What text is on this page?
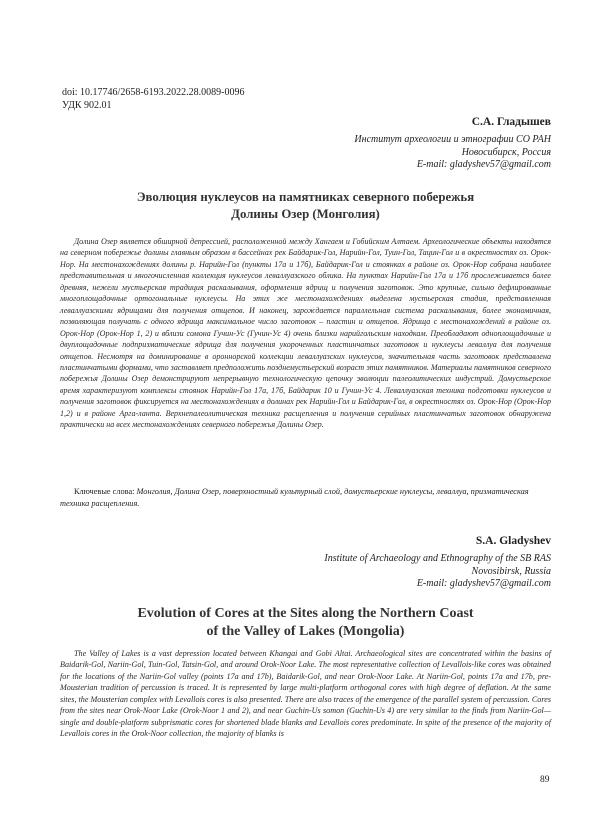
doi: 10.17746/2658-6193.2022.28.0089-0096
УДК 902.01
С.А. Гладышев
Институт археологии и этнографии СО РАН
Новосибирск, Россия
E-mail: gladyshev57@gmail.com
Эволюция нуклеусов на памятниках северного побережья
Долины Озер (Монголия)

Долина Озер является обширной депрессией, расположенной между Хангаем и Гобийским Алтаем. Археологические объекты находятся на северном побережье долины главным образом в бассейнах рек Байдарик-Гол, Нарийн-Гол, Туин-Гол, Тацин-Гол и в окрестностях оз. Орок-Нор. На местонахождениях долины р. Нарийн-Гол (пункты 17а и 17б), Байдарик-Гол и стоянках в районе оз. Орок-Нор собрана наиболее представительная и многочисленная коллекция нуклеусов леваллуазского облика. На пунктах Нарийн-Гол 17а и 17б прослеживается более древняя, нежели мустьерская традиция раскалывания, оформления ядрищ и получения заготовок. Это крупные, сильно дефлированные многоплощадочные ортогональные нуклеусы. На этих же местонахождениях выделена мустьерская стадия, представленная леваллуазскими ядрищами для получения отщепов. И наконец, зарождается параллельная система раскалывания, более экономичная, позволяющая получать с одного ядрища максимальное число заготовок – пластин и отщепов. Ядрища с местонахождений в районе оз. Орок-Нор (Орок-Нор 1, 2) и вблизи сомона Гучин-Ус (Гучин-Ус 4) очень близки нарийгольским находкам. Преобладают одноплощадочные и двуплощадочные подпризматические ядрища для получения укороченных пластинчатых заготовок и нуклеусы леваллуа для получения отщепов. Несмотря на доминирование в ороннорской коллекции леваллуазских нуклеусов, значительная часть заготовок представлена пластинчатыми формами, что заставляет предположить позднемустьерский возраст этих памятников. Материалы памятников северного побережья Долины Озер демонстрируют непрерывную технологическую цепочку эволюции палеолитических индустрий. Домустьерское время характеризуют комплексы стоянок Нарийн-Гол 17а, 17б, Байдарик 10 и Гучин-Ус 4. Леваллуазская техника подготовки нуклеусов и получения заготовок фиксируется на местонахождениях в долинах рек Нарийн-Гол и Байдарик-Гол, в окрестностях оз. Орок-Нор (Орок-Нор 1,2) и в районе Арга-ланта. Верхнепалеолитическая техника расщепления и получения серийных пластинчатых заготовок обнаружена практически на всех местонахождениях северного побережья Долины Озер.

Ключевые слова: Монголия, Долина Озер, поверхностный культурный слой, домустьерские нуклеусы, леваллуа, призматическая техника расщепления.

S.A. Gladyshev
Institute of Archaeology and Ethnography of the SB RAS
Novosibirsk, Russia
E-mail: gladyshev57@gmail.com
Evolution of Cores at the Sites along the Northern Coast
of the Valley of Lakes (Mongolia)

The Valley of Lakes is a vast depression located between Khangai and Gobi Altai. Archaeological sites are concentrated within the basins of Baidarik-Gol, Nariin-Gol, Tuin-Gol, Tatsin-Gol, and around Orok-Noor Lake. The most representative collection of Levallois-like cores was obtained for the locations of the Nariin-Gol valley (points 17a and 17b), Baidarik-Gol, and near Orok-Noor Lake. At Nariin-Gol, points 17a and 17b, pre-Mousterian tradition of percussion is traced. It is represented by large multi-platform orthogonal cores with high degree of deflation. At the same sites, the Mousterian complex with Levallois cores is also presented. There are also traces of the emergence of the parallel system of percussion. Cores from the sites near Orok-Noor Lake (Orok-Noor 1 and 2), and near Guchin-Us somon (Guchin-Us 4) are very similar to the finds from Nariin-Gol—single and double-platform subprismatic cores for shortened blade blanks and Levallois cores predominate. In spite of the presence of the majority of Levallois cores in the Orok-Noor collection, the majority of blanks is

89
